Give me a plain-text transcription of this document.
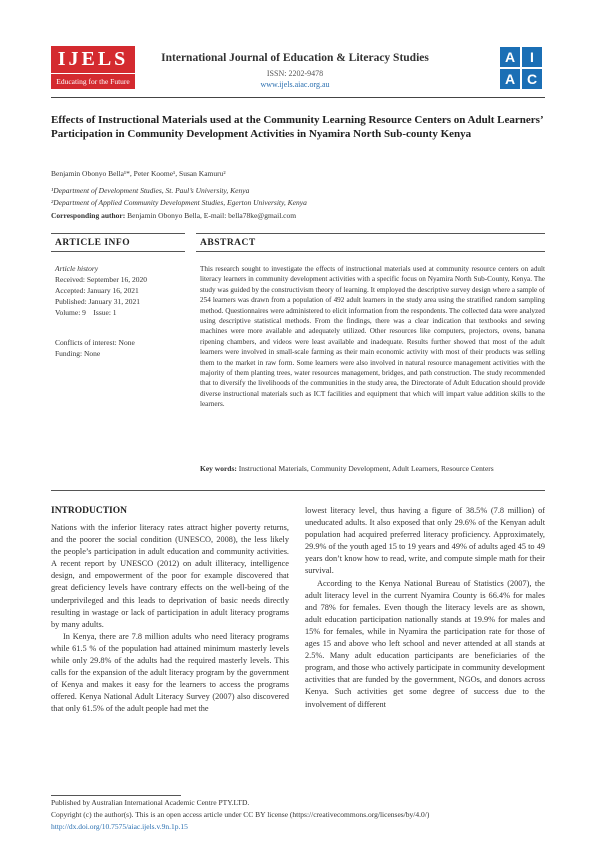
IJELS
Educating for the Future
International Journal of Education & Literacy Studies
ISSN: 2202-9478
www.ijels.aiac.org.au
A	I
A C
Effects of Instructional Materials used at the Community Learning Resource Centers on Adult Learners’ Participation in Community Development Activities in Nyamira North Sub-county Kenya
Benjamin Obonyo Bella¹*, Peter Koome¹, Susan Kamuru²
¹Department of Development Studies, St. Paul’s University, Kenya
²Department of Applied Community Development Studies, Egerton University, Kenya
Corresponding author: Benjamin Obonyo Bella, E-mail: bella78ke@gmail.com
ARTICLE INFO
Article history
Received: September 16, 2020
Accepted: January 16, 2021
Published: January 31, 2021
Volume: 9    Issue: 1
Conflicts of interest: None
Funding: None
ABSTRACT
This research sought to investigate the effects of instructional materials used at community resource centers on adult literacy learners in community development activities with a specific focus on Nyamira North Sub-County, Kenya. The study was guided by the constructivism theory of learning. It employed the descriptive survey design where a sample of 254 learners was drawn from a population of 492 adult learners in the study area using the stratified random sampling method. Questionnaires were administered to elicit information from the respondents. The collected data were analyzed using descriptive statistical methods. From the findings, there was a clear indication that textbooks and sewing machines were more available and adequately utilized. Other resources like computers, projectors, ovens, banana ripening chambers, and videos were least available and inadequate. Results further showed that most of the adult learners were involved in small-scale farming as their main economic activity with most of their products was selling them to the market in raw form. Some learners were also involved in natural resource management activities with the majority of them planting trees, water resources management, bridges, and path construction. The study recommended that to diversify the livelihoods of the communities in the study area, the Directorate of Adult Education should provide diverse instructional materials such as ICT facilities and equipment that which will impart value addition skills to the learners.
Key words: Instructional Materials, Community Development, Adult Learners, Resource Centers
INTRODUCTION

Nations with the inferior literacy rates attract higher poverty returns, and the poorer the social condition (UNESCO, 2008), the less likely the people’s participation in adult education and community activities. A recent report by UNESCO (2012) on adult illiteracy, intelligence design, and empowerment of the poor for example discovered that great deficiency levels have contrary effects on the well-being of the underprivileged and this leads to deprivation of basic needs directly resulting in wastage or lack of participation in adult literacy programs by many adults.

In Kenya, there are 7.8 million adults who need literacy programs while 61.5 % of the population had attained minimum masterly levels while only 29.8% of the adults had the required masterly levels. This calls for the expansion of the adult literacy program by the government of Kenya and makes it easy for the learners to access the programs offered. Kenya National Adult Literacy Survey (2007) also discovered that only 61.5% of the adult people had met the

lowest literacy level, thus having a figure of 38.5% (7.8 million) of uneducated adults. It also exposed that only 29.6% of the Kenyan adult population had acquired preferred literacy proficiency. Approximately, 29.9% of the youth aged 15 to 19 years and 49% of adults aged 45 to 49 years don’t know how to read, write, and compute simple math for their survival.

According to the Kenya National Bureau of Statistics (2007), the adult literacy level in the current Nyamira County is 66.4% for males and 78% for females. Even though the literacy levels are as shown, adult education participation nationally stands at 19.9% for males and 15% for females, while in Nyamira the participation rate for those of ages 15 and above who left school and never attended at all stands at 2.5%. Many adult education participants are beneficiaries of the program, and those who actively participate in community development activities that are funded by the government, NGOs, and donors across Kenya. Such activities get some degree of success due to the involvement of different

Published by Australian International Academic Centre PTY.LTD.
Copyright (c) the author(s). This is an open access article under CC BY license (https://creativecommons.org/licenses/by/4.0/)
http://dx.doi.org/10.7575/aiac.ijels.v.9n.1p.15
